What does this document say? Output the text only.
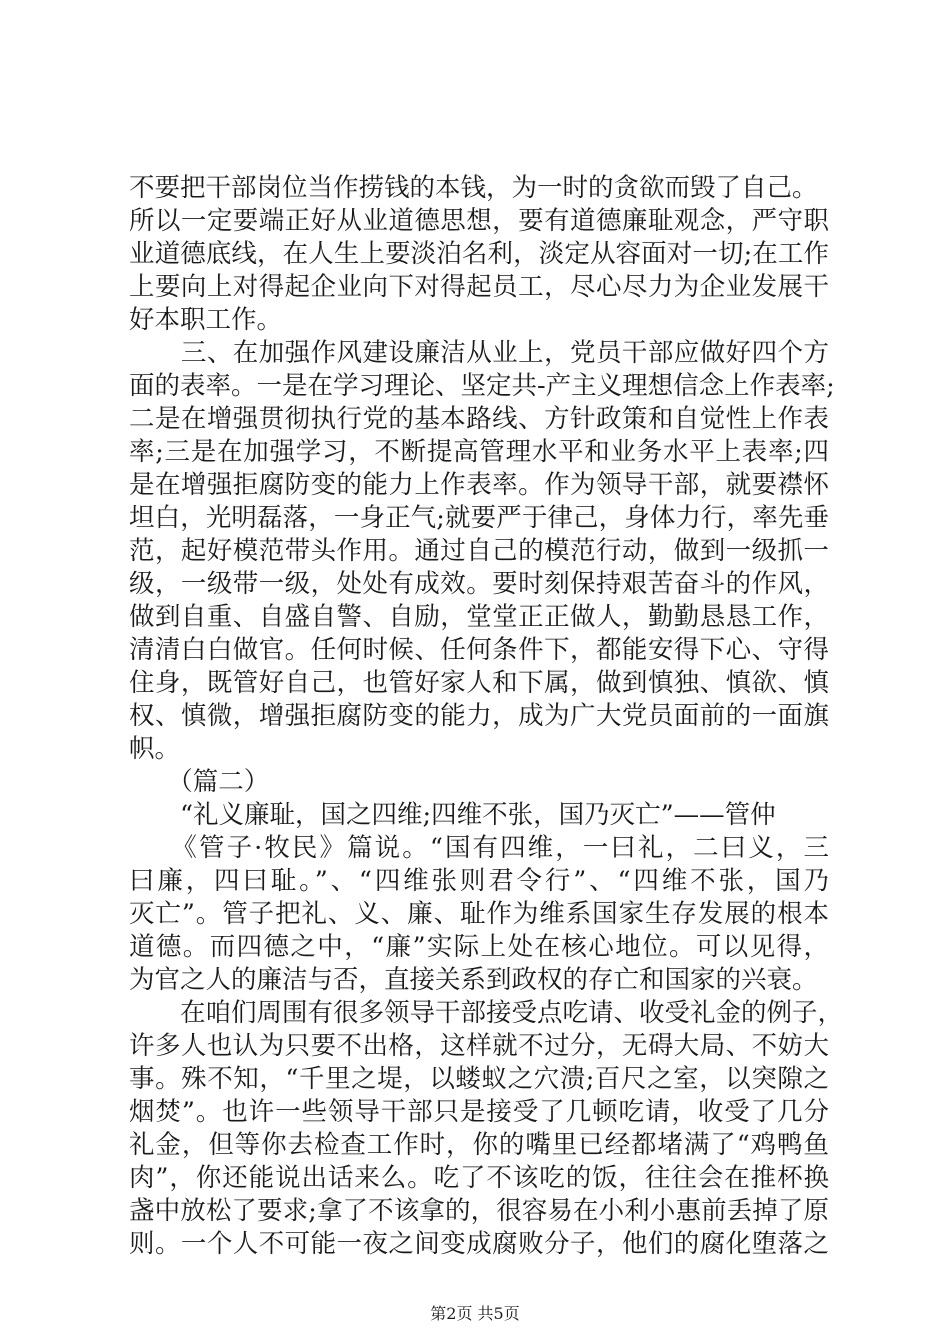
不要把干部岗位当作捞钱的本钱，为一时的贪欲而毁了自己。
所以一定要端正好从业道德思想，要有道德廉耻观念，严守职
业道德底线，在人生上要淡泊名利，淡定从容面对一切;在工作
上要向上对得起企业向下对得起员工，尽心尽力为企业发展干
好本职工作。
　　三、在加强作风建设廉洁从业上，党员干部应做好四个方
面的表率。一是在学习理论、坚定共-产主义理想信念上作表率;
二是在增强贯彻执行党的基本路线、方针政策和自觉性上作表
率;三是在加强学习，不断提高管理水平和业务水平上表率;四
是在增强拒腐防变的能力上作表率。作为领导干部，就要襟怀
坦白，光明磊落，一身正气;就要严于律己，身体力行，率先垂
范，起好模范带头作用。通过自己的模范行动，做到一级抓一
级，一级带一级，处处有成效。要时刻保持艰苦奋斗的作风，
做到自重、自盛自警、自励，堂堂正正做人，勤勤恳恳工作，
清清白白做官。任何时候、任何条件下，都能安得下心、守得
住身，既管好自己，也管好家人和下属，做到慎独、慎欲、慎
权、慎微，增强拒腐防变的能力，成为广大党员面前的一面旗
帜。
　　（篇二）
　　“礼义廉耻，国之四维;四维不张，国乃灭亡”——管仲
　　《管子·牧民》篇说。“国有四维，一曰礼，二曰义，三
曰廉，四曰耻。”、“四维张则君令行”、“四维不张，国乃
灭亡”。管子把礼、义、廉、耻作为维系国家生存发展的根本
道德。而四德之中，“廉”实际上处在核心地位。可以见得，
为官之人的廉洁与否，直接关系到政权的存亡和国家的兴衰。
　　在咱们周围有很多领导干部接受点吃请、收受礼金的例子，
许多人也认为只要不出格，这样就不过分，无碍大局、不妨大
事。殊不知，“千里之堤，以蝼蚁之穴溃;百尺之室，以突隙之
烟焚”。也许一些领导干部只是接受了几顿吃请，收受了几分
礼金，但等你去检查工作时，你的嘴里已经都堵满了“鸡鸭鱼
肉”，你还能说出话来么。吃了不该吃的饭，往往会在推杯换
盏中放松了要求;拿了不该拿的，很容易在小利小惠前丢掉了原
则。一个人不可能一夜之间变成腐败分子，他们的腐化堕落之
第2页 共5页
